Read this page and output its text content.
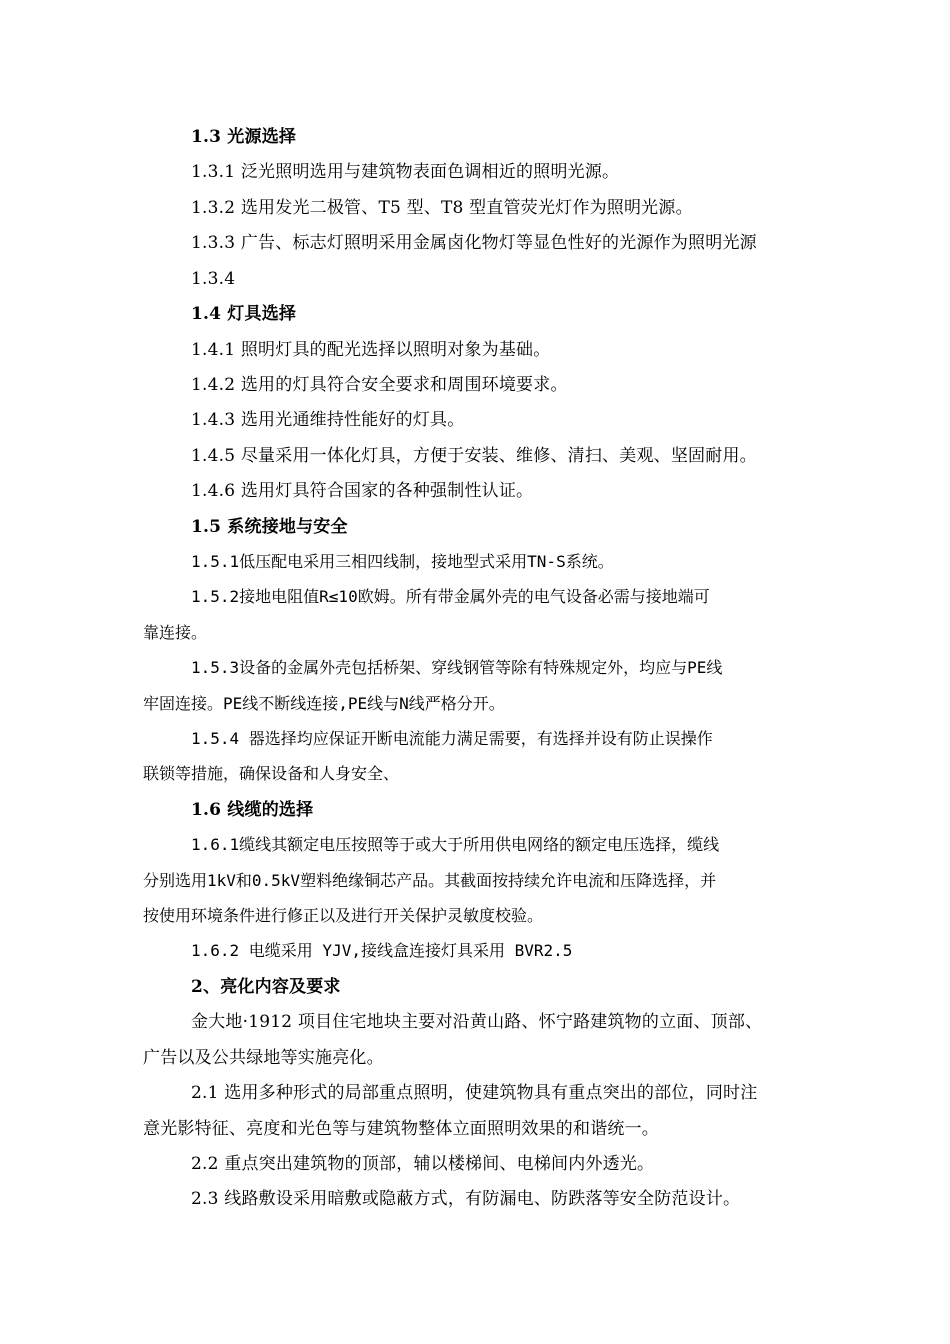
1.3 光源选择
1.3.1 泛光照明选用与建筑物表面色调相近的照明光源。
1.3.2 选用发光二极管、T5 型、T8 型直管荧光灯作为照明光源。
1.3.3 广告、标志灯照明采用金属卤化物灯等显色性好的光源作为照明光源
1.3.4
1.4 灯具选择
1.4.1 照明灯具的配光选择以照明对象为基础。
1.4.2 选用的灯具符合安全要求和周围环境要求。
1.4.3 选用光通维持性能好的灯具。
1.4.5 尽量采用一体化灯具，方便于安装、维修、清扫、美观、坚固耐用。
1.4.6 选用灯具符合国家的各种强制性认证。
1.5 系统接地与安全
1.5.1低压配电采用三相四线制，接地型式采用TN-S系统。
1.5.2接地电阻值R≤10欧姆。所有带金属外壳的电气设备必需与接地端可
靠连接。
1.5.3设备的金属外壳包括桥架、穿线钢管等除有特殊规定外，均应与PE线
牢固连接。PE线不断线连接,PE线与N线严格分开。
1.5.4 器选择均应保证开断电流能力满足需要，有选择并设有防止误操作
联锁等措施，确保设备和人身安全、
1.6 线缆的选择
1.6.1缆线其额定电压按照等于或大于所用供电网络的额定电压选择，缆线
分别选用1kV和0.5kV塑料绝缘铜芯产品。其截面按持续允许电流和压降选择，并
按使用环境条件进行修正以及进行开关保护灵敏度校验。
1.6.2 电缆采用 YJV,接线盒连接灯具采用 BVR2.5
2、亮化内容及要求
金大地·1912 项目住宅地块主要对沿黄山路、怀宁路建筑物的立面、顶部、
广告以及公共绿地等实施亮化。
2.1 选用多种形式的局部重点照明，使建筑物具有重点突出的部位，同时注
意光影特征、亮度和光色等与建筑物整体立面照明效果的和谐统一。
2.2 重点突出建筑物的顶部，辅以楼梯间、电梯间内外透光。
2.3 线路敷设采用暗敷或隐蔽方式，有防漏电、防跌落等安全防范设计。
